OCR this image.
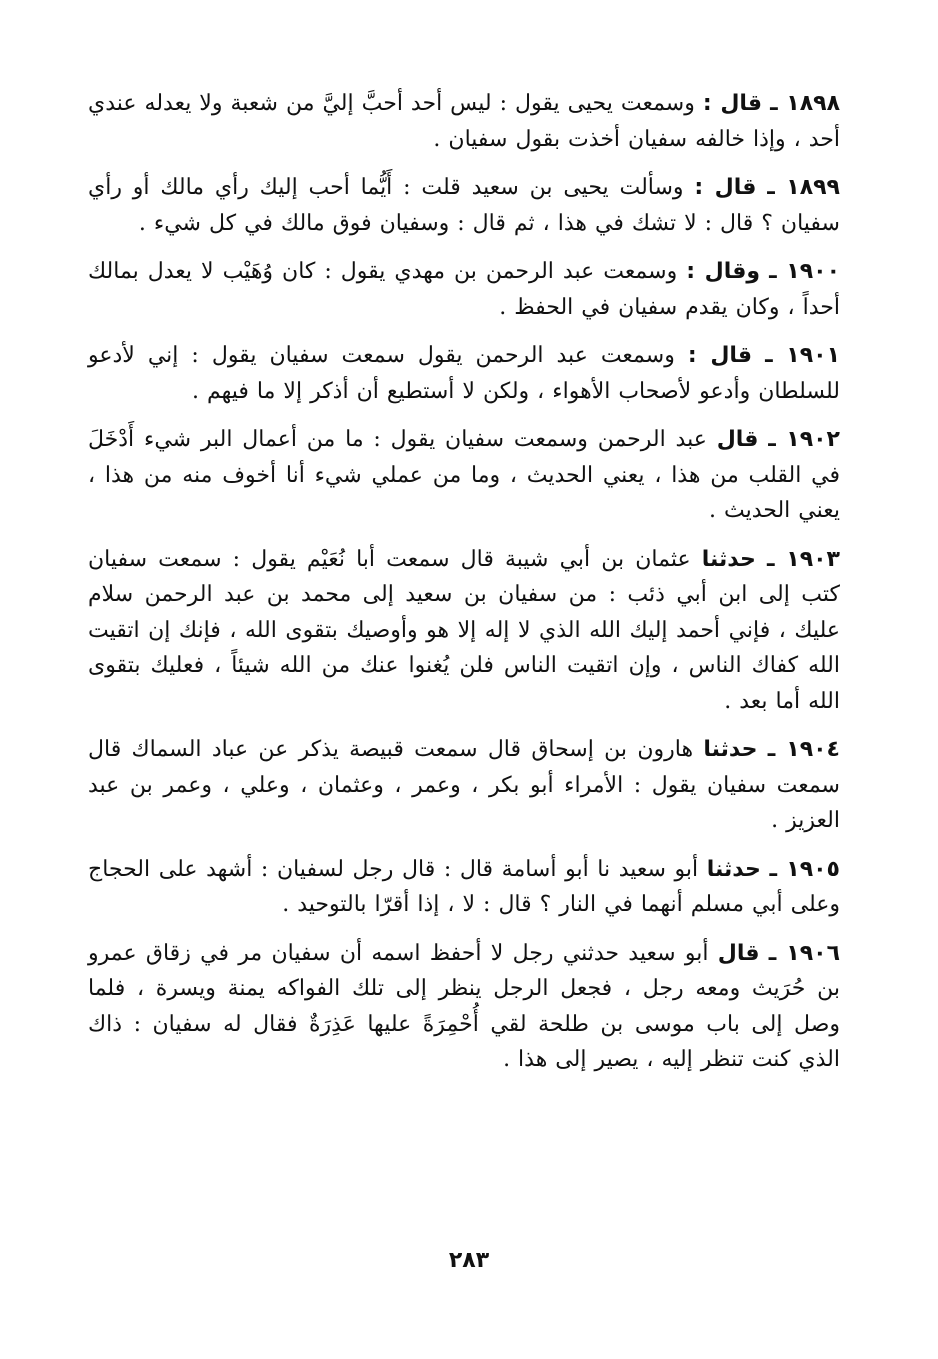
١٨٩٨ ـ قال : وسمعت يحيى يقول : ليس أحد أحبَّ إليَّ من شعبة ولا يعدله عندي أحد ، وإذا خالفه سفيان أخذت بقول سفيان .

١٨٩٩ ـ قال : وسألت يحيى بن سعيد قلت : أَيُّما أحب إليك رأي مالك أو رأي سفيان ؟ قال : لا تشك في هذا ، ثم قال : وسفيان فوق مالك في كل شيء .

١٩٠٠ ـ وقال : وسمعت عبد الرحمن بن مهدي يقول : كان وُهَيْب لا يعدل بمالك أحداً ، وكان يقدم سفيان في الحفظ .

١٩٠١ ـ قال : وسمعت عبد الرحمن يقول سمعت سفيان يقول : إني لأدعو للسلطان وأدعو لأصحاب الأهواء ، ولكن لا أستطيع أن أذكر إلا ما فيهم .

١٩٠٢ ـ قال عبد الرحمن وسمعت سفيان يقول : ما من أعمال البر شيء أَدْخَلَ في القلب من هذا ، يعني الحديث ، وما من عملي شيء أنا أخوف منه من هذا ، يعني الحديث .

١٩٠٣ ـ حدثنا عثمان بن أبي شيبة قال سمعت أبا نُعَيْم يقول : سمعت سفيان كتب إلى ابن أبي ذئب : من سفيان بن سعيد إلى محمد بن عبد الرحمن سلام عليك ، فإني أحمد إليك الله الذي لا إله إلا هو وأوصيك بتقوى الله ، فإنك إن اتقيت الله كفاك الناس ، وإن اتقيت الناس فلن يُغنوا عنك من الله شيئاً ، فعليك بتقوى الله أما بعد .

١٩٠٤ ـ حدثنا هارون بن إسحاق قال سمعت قبيصة يذكر عن عباد السماك قال سمعت سفيان يقول : الأمراء أبو بكر ، وعمر ، وعثمان ، وعلي ، وعمر بن عبد العزيز .

١٩٠٥ ـ حدثنا أبو سعيد نا أبو أسامة قال : قال رجل لسفيان : أشهد على الحجاج وعلى أبي مسلم أنهما في النار ؟ قال : لا ، إذا أقرّا بالتوحيد .

١٩٠٦ ـ قال أبو سعيد حدثني رجل لا أحفظ اسمه أن سفيان مر في زقاق عمرو بن حُرَيث ومعه رجل ، فجعل الرجل ينظر إلى تلك الفواكه يمنة ويسرة ، فلما وصل إلى باب موسى بن طلحة لقي أُحْمِرَةً عليها عَذِرَةٌ فقال له سفيان : ذاك الذي كنت تنظر إليه ، يصير إلى هذا .

٢٨٣
